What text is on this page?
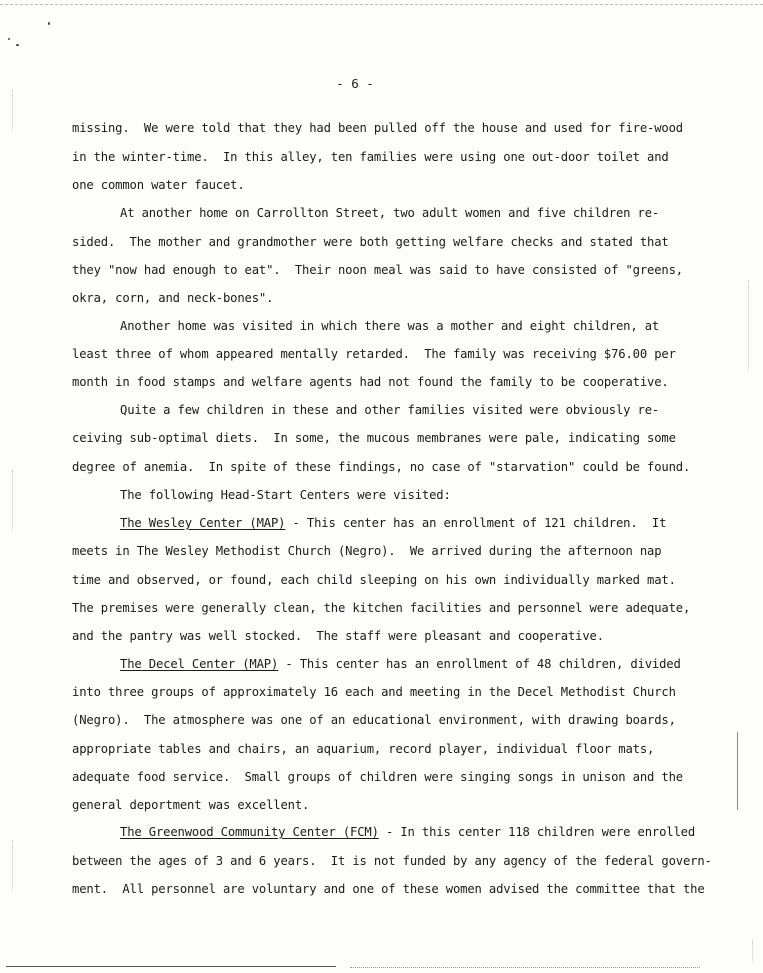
- 6 -
missing.  We were told that they had been pulled off the house and used for fire-wood
in the winter-time.  In this alley, ten families were using one out-door toilet and
one common water faucet.
At another home on Carrollton Street, two adult women and five children re-
sided.  The mother and grandmother were both getting welfare checks and stated that
they "now had enough to eat".  Their noon meal was said to have consisted of "greens,
okra, corn, and neck-bones".
Another home was visited in which there was a mother and eight children, at
least three of whom appeared mentally retarded.  The family was receiving $76.00 per
month in food stamps and welfare agents had not found the family to be cooperative.
Quite a few children in these and other families visited were obviously re-
ceiving sub-optimal diets.  In some, the mucous membranes were pale, indicating some
degree of anemia.  In spite of these findings, no case of "starvation" could be found.
The following Head-Start Centers were visited:
The Wesley Center (MAP) - This center has an enrollment of 121 children.  It
meets in The Wesley Methodist Church (Negro).  We arrived during the afternoon nap
time and observed, or found, each child sleeping on his own individually marked mat.
The premises were generally clean, the kitchen facilities and personnel were adequate,
and the pantry was well stocked.  The staff were pleasant and cooperative.
The Decel Center (MAP) - This center has an enrollment of 48 children, divided
into three groups of approximately 16 each and meeting in the Decel Methodist Church
(Negro).  The atmosphere was one of an educational environment, with drawing boards,
appropriate tables and chairs, an aquarium, record player, individual floor mats,
adequate food service.  Small groups of children were singing songs in unison and the
general deportment was excellent.
The Greenwood Community Center (FCM) - In this center 118 children were enrolled
between the ages of 3 and 6 years.  It is not funded by any agency of the federal govern-
ment.  All personnel are voluntary and one of these women advised the committee that the
